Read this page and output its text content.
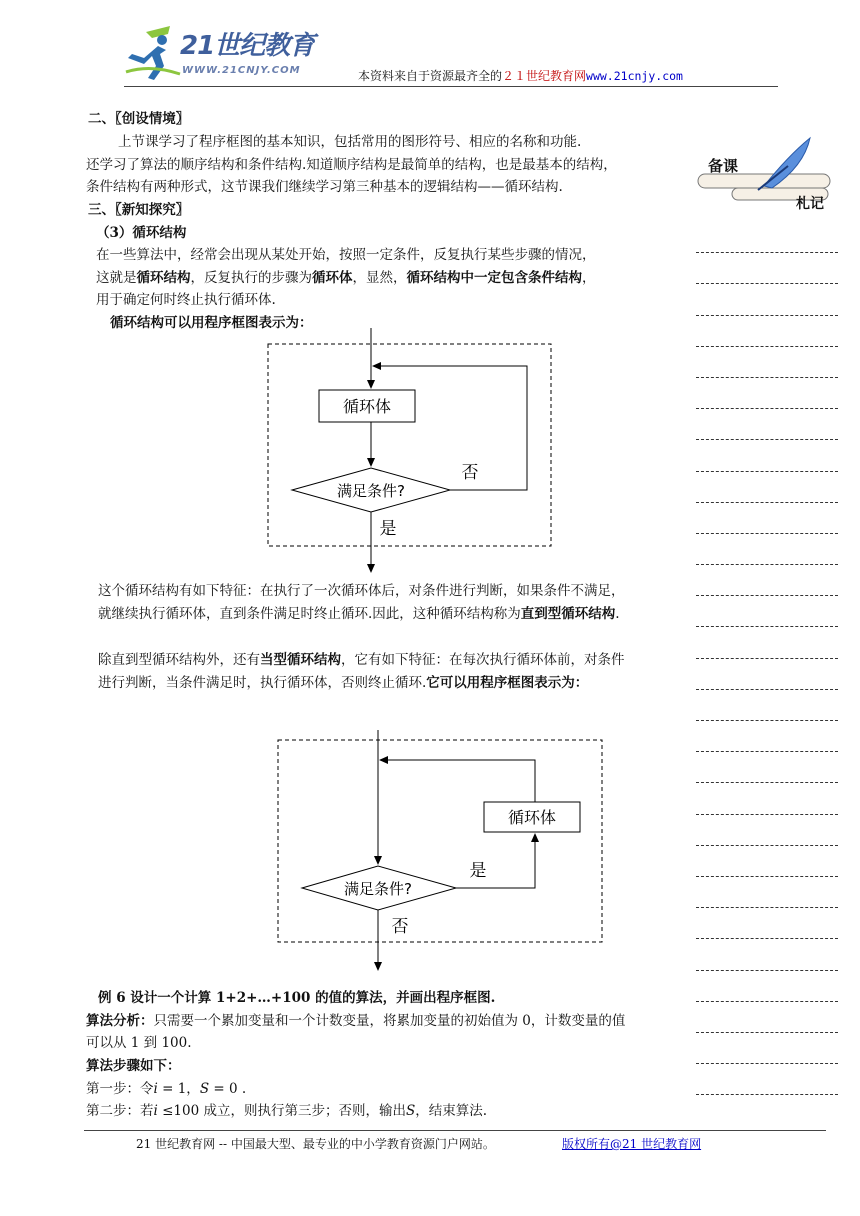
21世纪教育
WWW.21CNJY.COM	本资料来自于资源最齐全的２１世纪教育网www.21cnjy.com
备课
札记
二、〖创设情境〗
上节课学习了程序框图的基本知识，包括常用的图形符号、相应的名称和功能.
还学习了算法的顺序结构和条件结构.知道顺序结构是最简单的结构，也是最基本的结构，
条件结构有两种形式，这节课我们继续学习第三种基本的逻辑结构——循环结构.
三、〖新知探究〗
（3）循环结构
在一些算法中，经常会出现从某处开始，按照一定条件，反复执行某些步骤的情况，
这就是循环结构，反复执行的步骤为循环体，显然，循环结构中一定包含条件结构，
用于确定何时终止执行循环体.
循环结构可以用程序框图表示为：
循环体
满足条件?
否
是
这个循环结构有如下特征：在执行了一次循环体后，对条件进行判断，如果条件不满足，
就继续执行循环体，直到条件满足时终止循环.因此，这种循环结构称为直到型循环结构.
除直到型循环结构外，还有当型循环结构，它有如下特征：在每次执行循环体前，对条件
进行判断，当条件满足时，执行循环体，否则终止循环.它可以用程序框图表示为：
满足条件?
是
循环体
否
例 6 设计一个计算 1+2+…+100 的值的算法，并画出程序框图.
算法分析：只需要一个累加变量和一个计数变量，将累加变量的初始值为 0，计数变量的值
可以从 1 到 100.
算法步骤如下：
第一步：令i = 1，S = 0 .
第二步：若i ≤100 成立，则执行第三步；否则，输出S，结束算法.
21 世纪教育网 -- 中国最大型、最专业的中小学教育资源门户网站。	版权所有@21 世纪教育网
